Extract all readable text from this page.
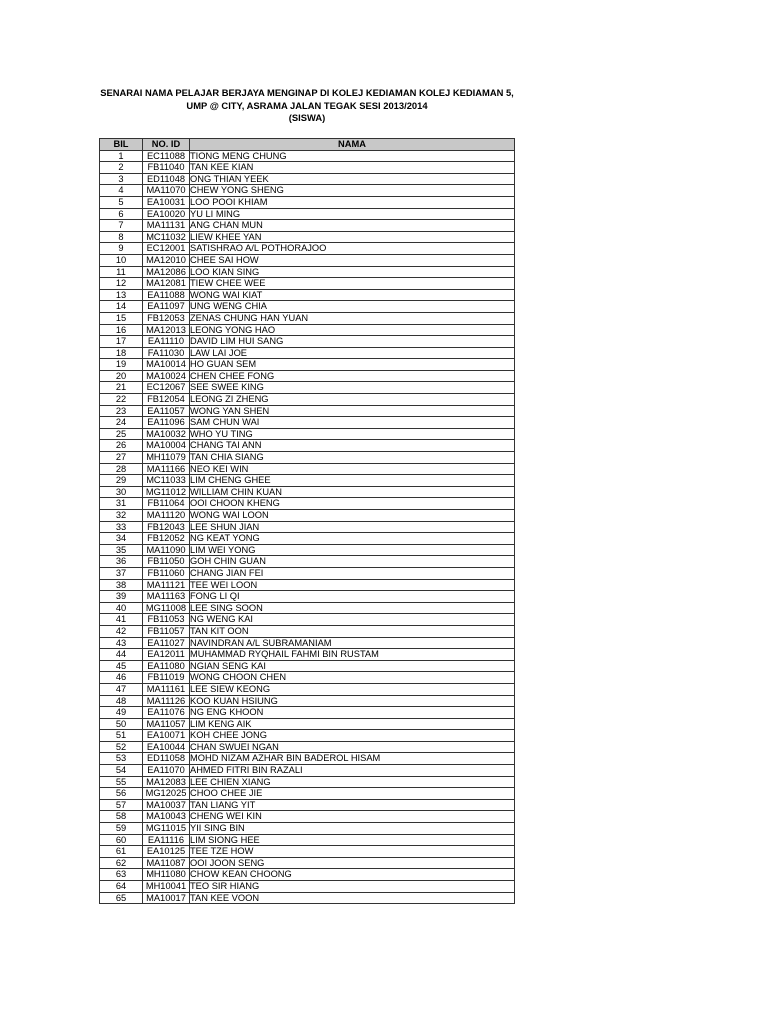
SENARAI NAMA PELAJAR BERJAYA MENGINAP DI KOLEJ KEDIAMAN KOLEJ KEDIAMAN 5,
UMP @ CITY, ASRAMA JALAN TEGAK SESI 2013/2014
(SISWA)
BIL	NO. ID	NAMA
1	EC11088	TIONG MENG CHUNG
2	FB11040	TAN KEE KIAN
3	ED11048	ONG THIAN YEEK
4	MA11070	CHEW YONG SHENG
5	EA10031	LOO POOI KHIAM
6	EA10020	YU LI MING
7	MA11131	ANG CHAN MUN
8	MC11032	LIEW KHEE YAN
9	EC12001	SATISHRAO A/L POTHORAJOO
10	MA12010	CHEE SAI HOW
11	MA12086	LOO KIAN SING
12	MA12081	TIEW CHEE WEE
13	EA11088	WONG WAI KIAT
14	EA11097	UNG WENG CHIA
15	FB12053	ZENAS CHUNG HAN YUAN
16	MA12013	LEONG YONG HAO
17	EA11110	DAVID LIM HUI SANG
18	FA11030	LAW LAI JOE
19	MA10014	HO GUAN SEM
20	MA10024	CHEN CHEE FONG
21	EC12067	SEE SWEE KING
22	FB12054	LEONG ZI ZHENG
23	EA11057	WONG YAN SHEN
24	EA11096	SAM CHUN WAI
25	MA10032	WHO YU TING
26	MA10004	CHANG TAI ANN
27	MH11079	TAN CHIA SIANG
28	MA11166	NEO KEI WIN
29	MC11033	LIM CHENG GHEE
30	MG11012	WILLIAM CHIN KUAN
31	FB11064	OOI CHOON KHENG
32	MA11120	WONG WAI LOON
33	FB12043	LEE SHUN JIAN
34	FB12052	NG KEAT YONG
35	MA11090	LIM WEI YONG
36	FB11050	GOH CHIN GUAN
37	FB11060	CHANG JIAN FEI
38	MA11121	TEE WEI LOON
39	MA11163	FONG LI QI
40	MG11008	LEE SING SOON
41	FB11053	NG WENG KAI
42	FB11057	TAN KIT OON
43	EA11027	NAVINDRAN A/L SUBRAMANIAM
44	EA12011	MUHAMMAD RYQHAIL FAHMI BIN RUSTAM
45	EA11080	NGIAN SENG KAI
46	FB11019	WONG CHOON CHEN
47	MA11161	LEE SIEW KEONG
48	MA11126	KOO KUAN HSIUNG
49	EA11076	NG ENG KHOON
50	MA11057	LIM KENG AIK
51	EA10071	KOH CHEE JONG
52	EA10044	CHAN SWUEI NGAN
53	ED11058	MOHD NIZAM AZHAR BIN BADEROL HISAM
54	EA11070	AHMED FITRI BIN RAZALI
55	MA12083	LEE CHIEN XIANG
56	MG12025	CHOO CHEE JIE
57	MA10037	TAN LIANG YIT
58	MA10043	CHENG WEI KIN
59	MG11015	YII SING BIN
60	EA11116	LIM SIONG HEE
61	EA10125	TEE TZE HOW
62	MA11087	OOI JOON SENG
63	MH11080	CHOW KEAN CHOONG
64	MH10041	TEO SIR HIANG
65	MA10017	TAN KEE VOON
